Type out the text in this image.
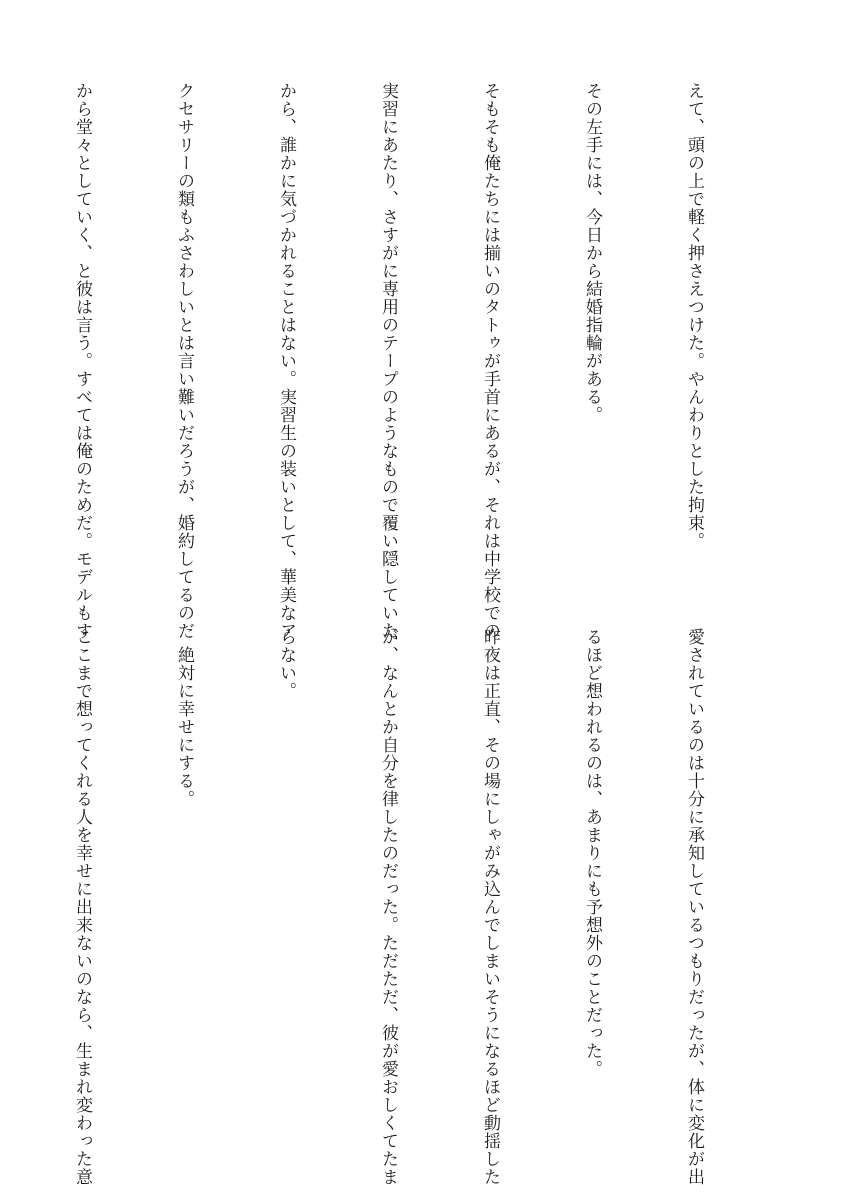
えて、頭の上で軽く押さえつけた。やんわりとした拘束。

その左手には、今日から結婚指輪がある。

そもそも俺たちには揃いのタトゥが手首にあるが、それは中学校での

実習にあたり、さすがに専用のテープのようなもので覆い隠していた

から、誰かに気づかれることはない。実習生の装いとして、華美なア

クセサリーの類もふさわしいとは言い難いだろうが、婚約してるのだ

から堂々としていく、と彼は言う。すべては俺のためだ。モデルもす

愛されているのは十分に承知しているつもりだったが、体に変化が出

るほど想われるのは、あまりにも予想外のことだった。

昨夜は正直、その場にしゃがみ込んでしまいそうになるほど動揺した

が、なんとか自分を律したのだった。ただただ、彼が愛おしくてたま

らない。

　絶対に幸せにする。

ここまで想ってくれる人を幸せに出来ないのなら、生まれ変わった意
